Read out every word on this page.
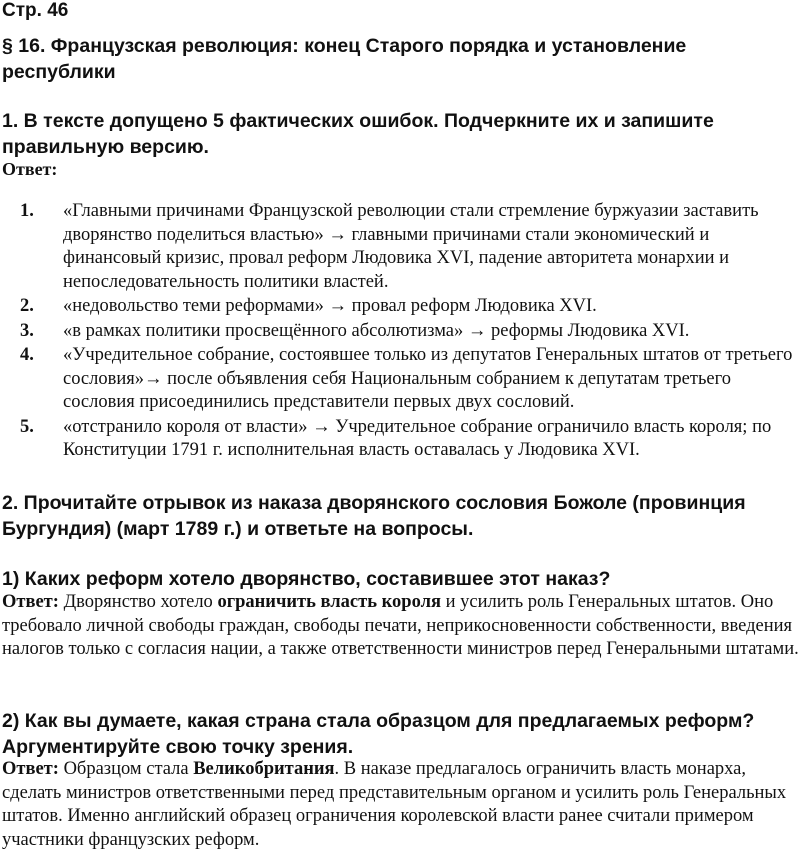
Стр. 46
§ 16. Французская революция: конец Старого порядка и установление республики
1. В тексте допущено 5 фактических ошибок. Подчеркните их и запишите правильную версию.
Ответ:
1. «Главными причинами Французской революции стали стремление буржуазии заставить дворянство поделиться властью» → главными причинами стали экономический и финансовый кризис, провал реформ Людовика XVI, падение авторитета монархии и непоследовательность политики властей.
2. «недовольство теми реформами» → провал реформ Людовика XVI.
3. «в рамках политики просвещённого абсолютизма» → реформы Людовика XVI.
4. «Учредительное собрание, состоявшее только из депутатов Генеральных штатов от третьего сословия»→ после объявления себя Национальным собранием к депутатам третьего сословия присоединились представители первых двух сословий.
5. «отстранило короля от власти» → Учредительное собрание ограничило власть короля; по Конституции 1791 г. исполнительная власть оставалась у Людовика XVI.
2. Прочитайте отрывок из наказа дворянского сословия Божоле (провинция Бургундия) (март 1789 г.) и ответьте на вопросы.
1) Каких реформ хотело дворянство, составившее этот наказ?
Ответ: Дворянство хотело ограничить власть короля и усилить роль Генеральных штатов. Оно требовало личной свободы граждан, свободы печати, неприкосновенности собственности, введения налогов только с согласия нации, а также ответственности министров перед Генеральными штатами.
2) Как вы думаете, какая страна стала образцом для предлагаемых реформ? Аргументируйте свою точку зрения.
Ответ: Образцом стала Великобритания. В наказе предлагалось ограничить власть монарха, сделать министров ответственными перед представительным органом и усилить роль Генеральных штатов. Именно английский образец ограничения королевской власти ранее считали примером участники французских реформ.
